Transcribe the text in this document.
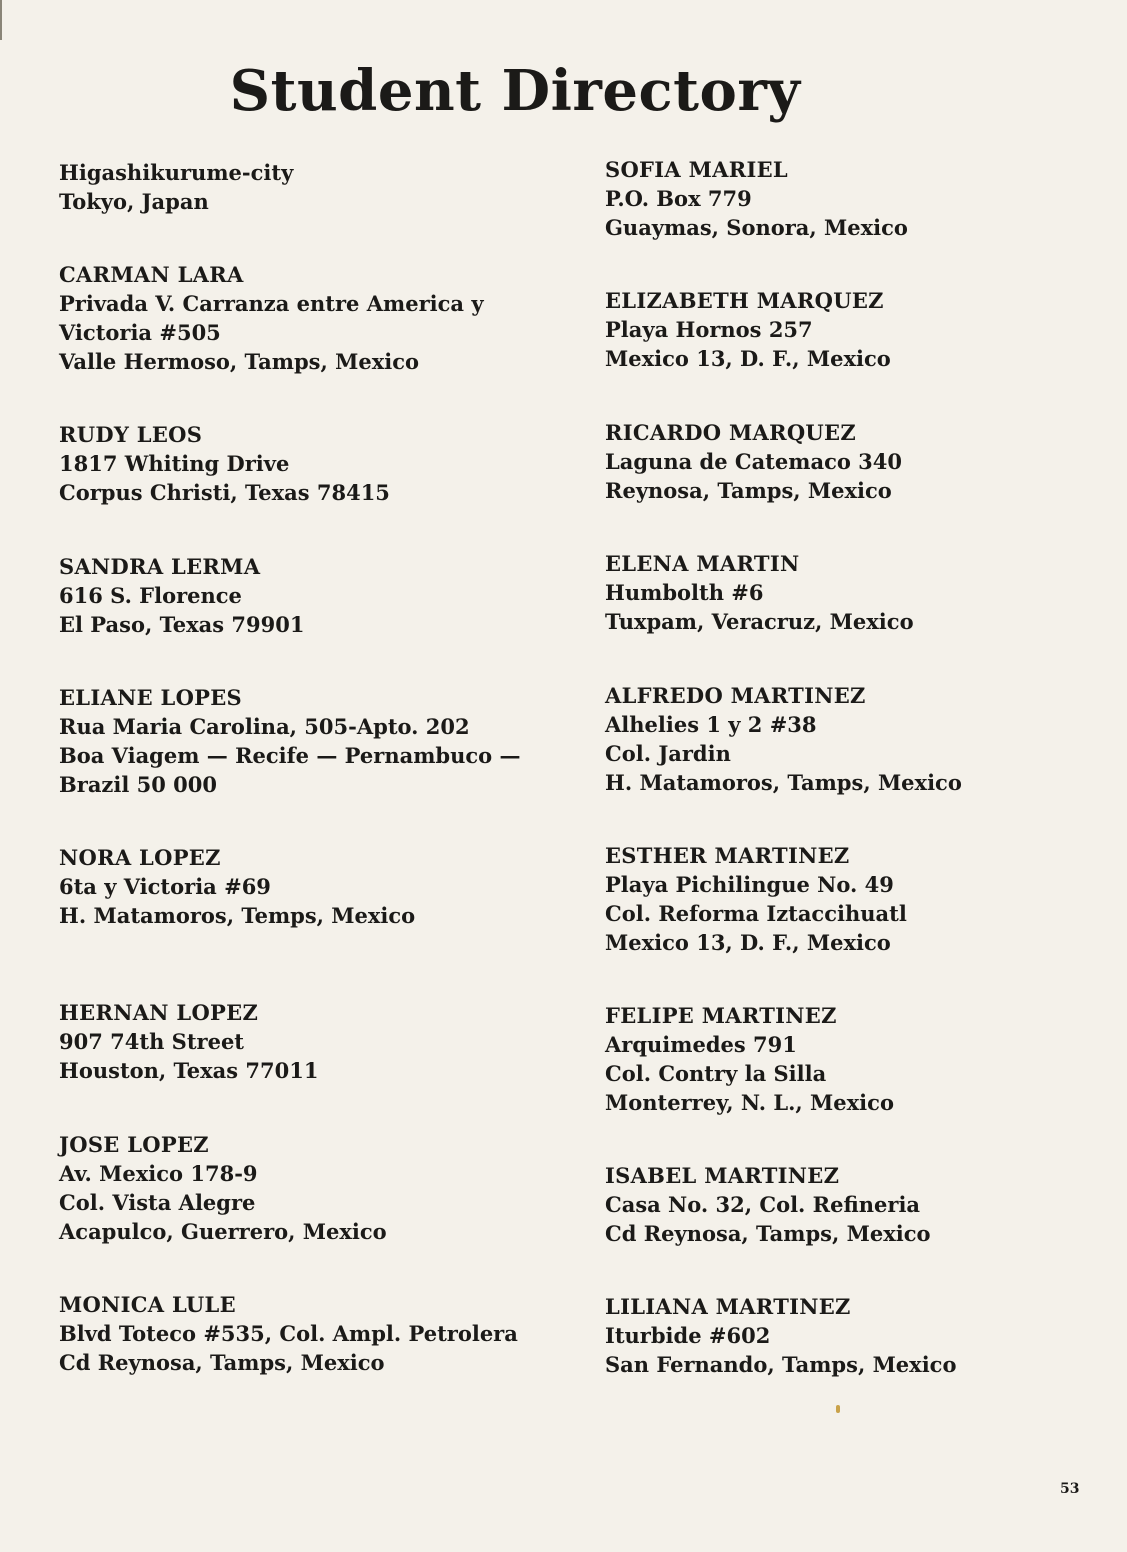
Student Directory
Higashikurume-city
Tokyo, Japan
CARMAN LARA
Privada V. Carranza entre America y
Victoria #505
Valle Hermoso, Tamps, Mexico
RUDY LEOS
1817 Whiting Drive
Corpus Christi, Texas 78415
SANDRA LERMA
616 S. Florence
El Paso, Texas 79901
ELIANE LOPES
Rua Maria Carolina, 505-Apto. 202
Boa Viagem — Recife — Pernambuco —
Brazil 50 000
NORA LOPEZ
6ta y Victoria #69
H. Matamoros, Temps, Mexico
HERNAN LOPEZ
907 74th Street
Houston, Texas 77011
JOSE LOPEZ
Av. Mexico 178-9
Col. Vista Alegre
Acapulco, Guerrero, Mexico
MONICA LULE
Blvd Toteco #535, Col. Ampl. Petrolera
Cd Reynosa, Tamps, Mexico
SOFIA MARIEL
P.O. Box 779
Guaymas, Sonora, Mexico
ELIZABETH MARQUEZ
Playa Hornos 257
Mexico 13, D. F., Mexico
RICARDO MARQUEZ
Laguna de Catemaco 340
Reynosa, Tamps, Mexico
ELENA MARTIN
Humbolth #6
Tuxpam, Veracruz, Mexico
ALFREDO MARTINEZ
Alhelies 1 y 2 #38
Col. Jardin
H. Matamoros, Tamps, Mexico
ESTHER MARTINEZ
Playa Pichilingue No. 49
Col. Reforma Iztaccihuatl
Mexico 13, D. F., Mexico
FELIPE MARTINEZ
Arquimedes 791
Col. Contry la Silla
Monterrey, N. L., Mexico
ISABEL MARTINEZ
Casa No. 32, Col. Refineria
Cd Reynosa, Tamps, Mexico
LILIANA MARTINEZ
Iturbide #602
San Fernando, Tamps, Mexico
53
